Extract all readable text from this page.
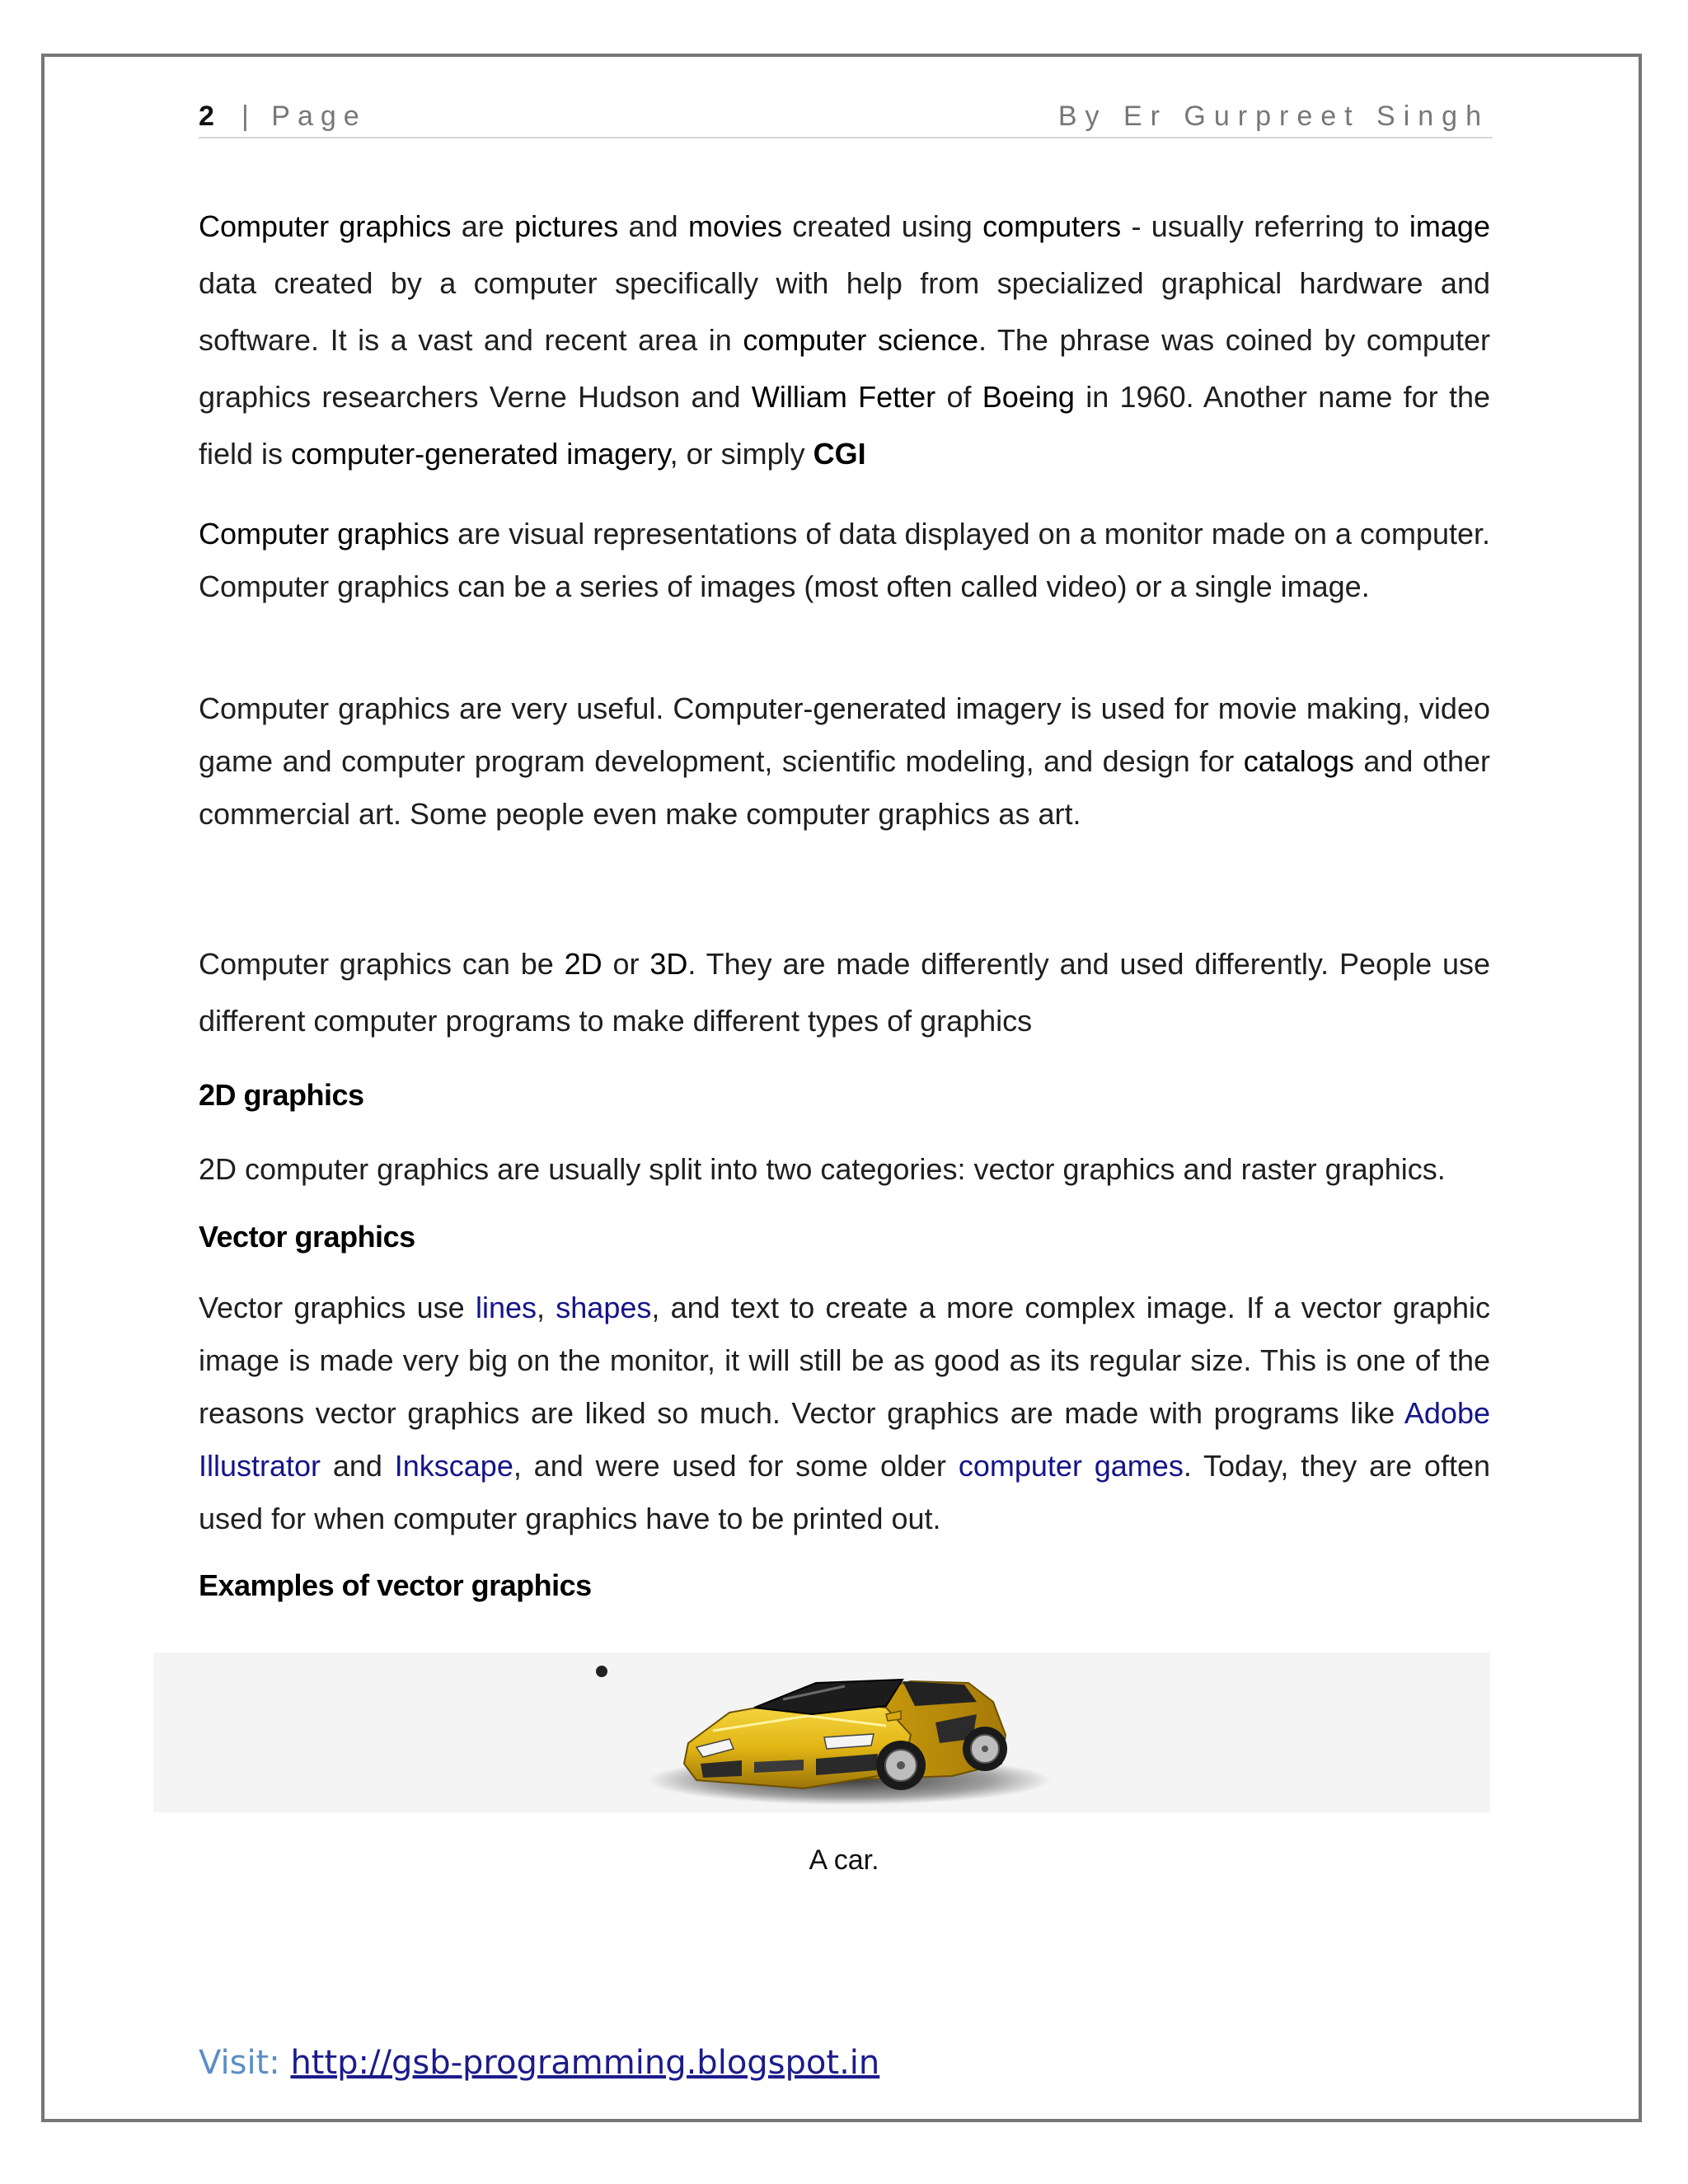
2 | Page	By Er Gurpreet Singh

Computer graphics are pictures and movies created using computers - usually referring to image data created by a computer specifically with help from specialized graphical hardware and software. It is a vast and recent area in computer science. The phrase was coined by computer graphics researchers Verne Hudson and William Fetter of Boeing in 1960. Another name for the field is computer-generated imagery, or simply CGI

Computer graphics are visual representations of data displayed on a monitor made on a computer. Computer graphics can be a series of images (most often called video) or a single image.

Computer graphics are very useful. Computer-generated imagery is used for movie making, video game and computer program development, scientific modeling, and design for catalogs and other commercial art. Some people even make computer graphics as art.

Computer graphics can be 2D or 3D. They are made differently and used differently. People use different computer programs to make different types of graphics

2D graphics

2D computer graphics are usually split into two categories: vector graphics and raster graphics.

Vector graphics

Vector graphics use lines, shapes, and text to create a more complex image. If a vector graphic image is made very big on the monitor, it will still be as good as its regular size. This is one of the reasons vector graphics are liked so much. Vector graphics are made with programs like Adobe Illustrator and Inkscape, and were used for some older computer games. Today, they are often used for when computer graphics have to be printed out.

Examples of vector graphics
A car.
Visit: http://gsb-programming.blogspot.in
